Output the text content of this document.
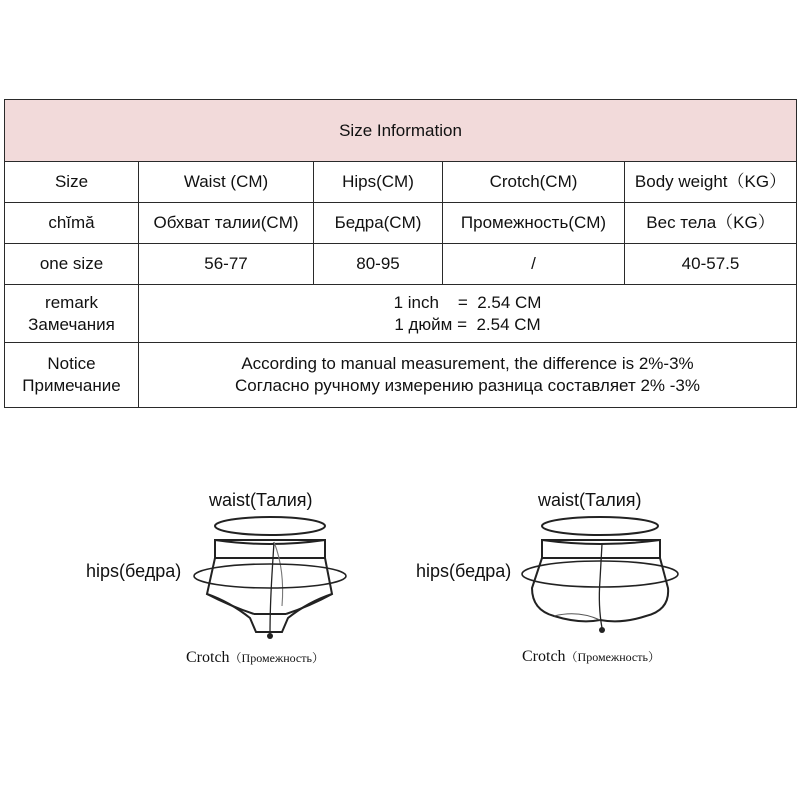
Size Information				
Size	Waist (CM)	Hips(CM)	Crotch(CM)	Body weight（KG）
chĭmă	Обхват талии(CM)	Бедра(CM)	Промежность(CM)	Вес тела（KG）
one size	56-77	80-95	/	40-57.5

remark
Замечания	1 inch    =  2.54 CM
1 дюйм =  2.54 CM			

Notice
Примечание	According to manual measurement, the difference is 2%-3%
Согласно ручному измерению разница составляет 2% -3%			
waist(Талия)
hips(бедра)
Crotch（Промежность）
waist(Талия)
hips(бедра)
Crotch（Промежность）
